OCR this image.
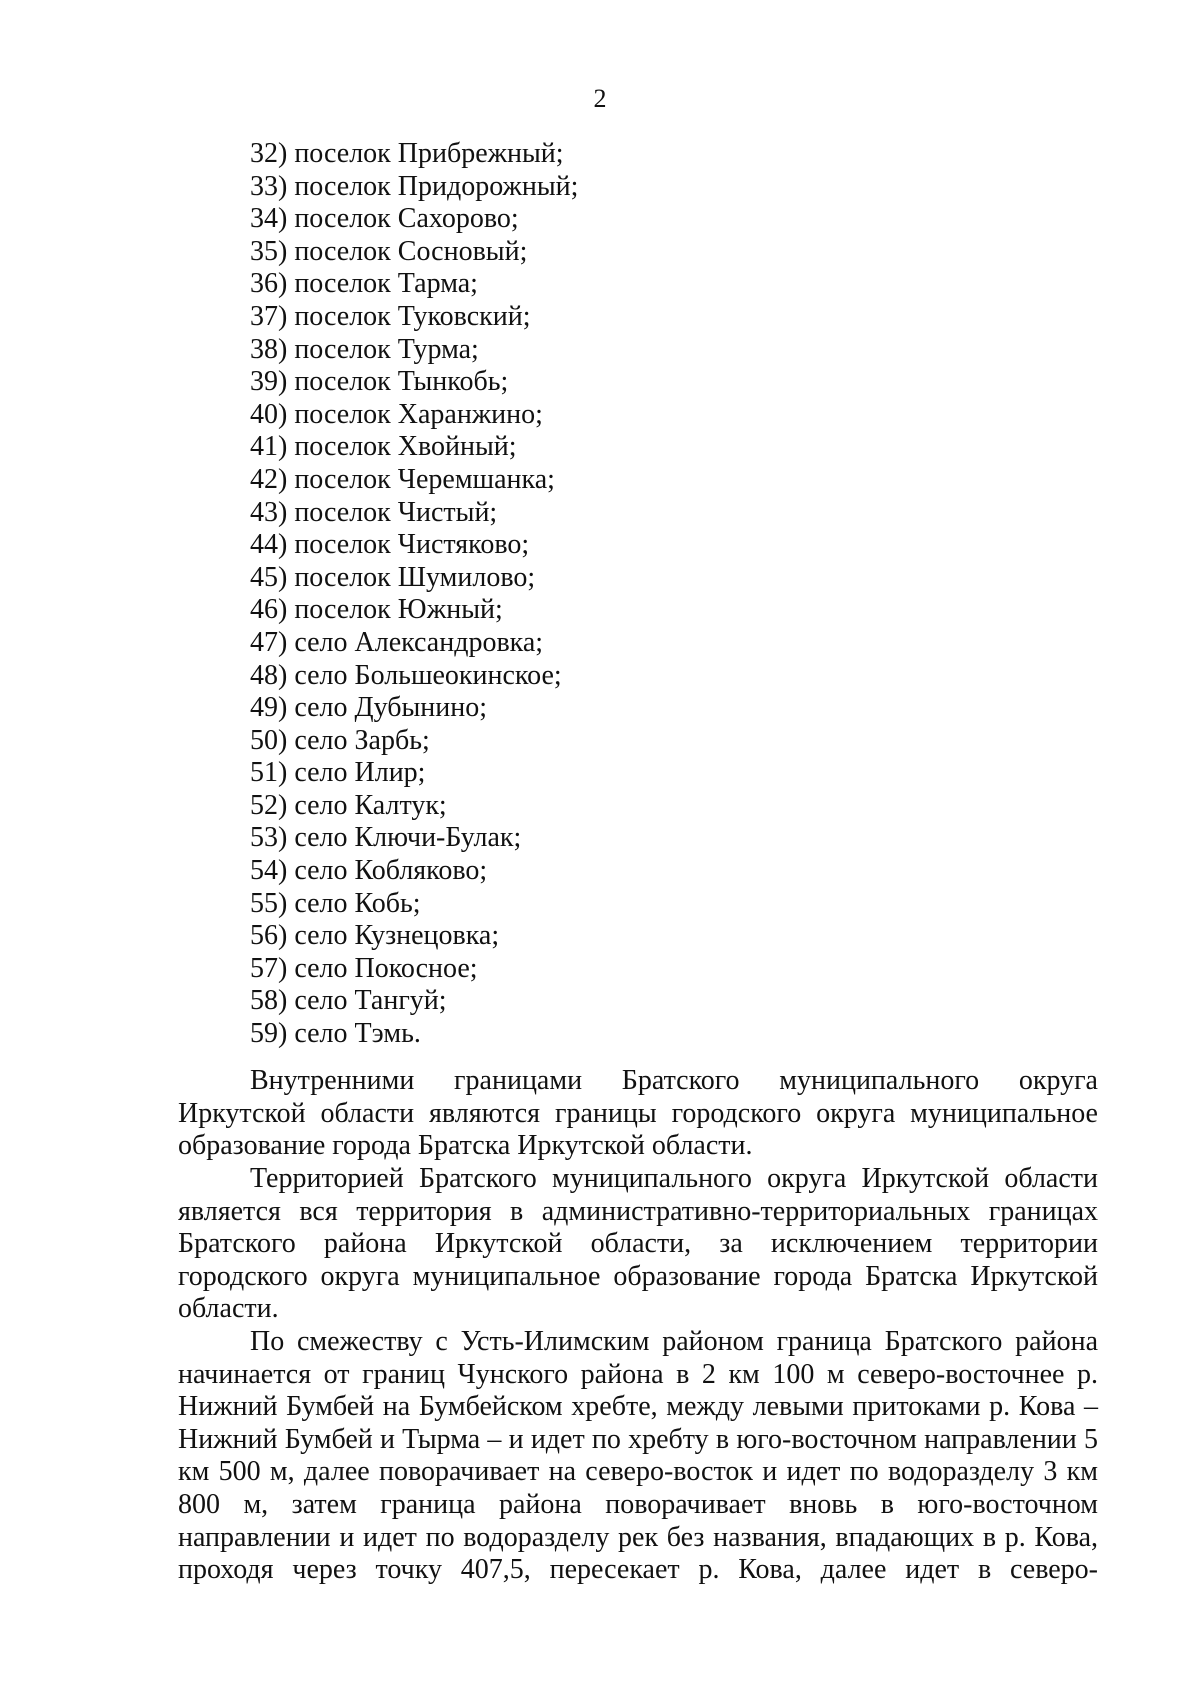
2
32) поселок Прибрежный;
33) поселок Придорожный;
34) поселок Сахорово;
35) поселок Сосновый;
36) поселок Тарма;
37) поселок Туковский;
38) поселок Турма;
39) поселок Тынкобь;
40) поселок Харанжино;
41) поселок Хвойный;
42) поселок Черемшанка;
43) поселок Чистый;
44) поселок Чистяково;
45) поселок Шумилово;
46) поселок Южный;
47) село Александровка;
48) село Большеокинское;
49) село Дубынино;
50) село Зарбь;
51) село Илир;
52) село Калтук;
53) село Ключи-Булак;
54) село Кобляково;
55) село Кобь;
56) село Кузнецовка;
57) село Покосное;
58) село Тангуй;
59) село Тэмь.

Внутренними границами Братского муниципального округа Иркутской области являются границы городского округа муниципальное образование города Братска Иркутской области.

Территорией Братского муниципального округа Иркутской области является вся территория в административно-территориальных границах Братского района Иркутской области, за исключением территории городского округа муниципальное образование города Братска Иркутской области.

По смежеству с Усть-Илимским районом граница Братского района начинается от границ Чунского района в 2 км 100 м северо-восточнее р. Нижний Бумбей на Бумбейском хребте, между левыми притоками р. Кова – Нижний Бумбей и Тырма – и идет по хребту в юго-восточном направлении 5 км 500 м, далее поворачивает на северо-восток и идет по водоразделу 3 км 800 м, затем граница района поворачивает вновь в юго-восточном направлении и идет по водоразделу рек без названия, впадающих в р. Кова, проходя через точку 407,5, пересекает р. Кова, далее идет в северо-
